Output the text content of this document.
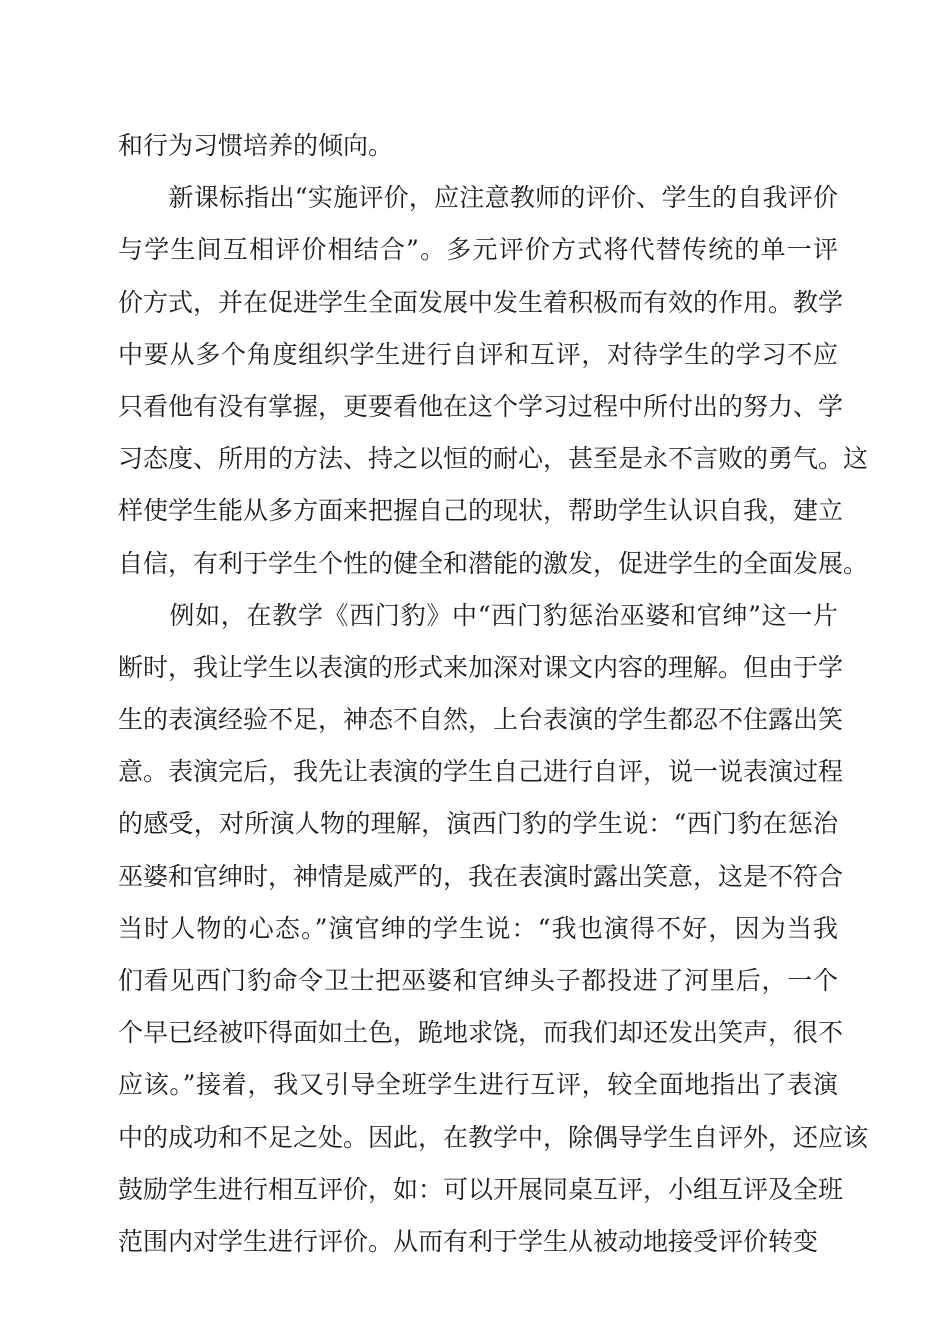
和行为习惯培养的倾向。
　　新课标指出“实施评价，应注意教师的评价、学生的自我评价
与学生间互相评价相结合”。多元评价方式将代替传统的单一评
价方式，并在促进学生全面发展中发生着积极而有效的作用。教学
中要从多个角度组织学生进行自评和互评，对待学生的学习不应
只看他有没有掌握，更要看他在这个学习过程中所付出的努力、学
习态度、所用的方法、持之以恒的耐心，甚至是永不言败的勇气。这
样使学生能从多方面来把握自己的现状，帮助学生认识自我，建立
自信，有利于学生个性的健全和潜能的激发，促进学生的全面发展。
　　例如，在教学《西门豹》中“西门豹惩治巫婆和官绅”这一片
断时，我让学生以表演的形式来加深对课文内容的理解。但由于学
生的表演经验不足，神态不自然，上台表演的学生都忍不住露出笑
意。表演完后，我先让表演的学生自己进行自评，说一说表演过程
的感受，对所演人物的理解，演西门豹的学生说：“西门豹在惩治
巫婆和官绅时，神情是威严的，我在表演时露出笑意，这是不符合
当时人物的心态。”演官绅的学生说：“我也演得不好，因为当我
们看见西门豹命令卫士把巫婆和官绅头子都投进了河里后，一个
个早已经被吓得面如土色，跪地求饶，而我们却还发出笑声，很不
应该。”接着，我又引导全班学生进行互评，较全面地指出了表演
中的成功和不足之处。因此，在教学中，除偶导学生自评外，还应该
鼓励学生进行相互评价，如：可以开展同桌互评，小组互评及全班
范围内对学生进行评价。从而有利于学生从被动地接受评价转变
